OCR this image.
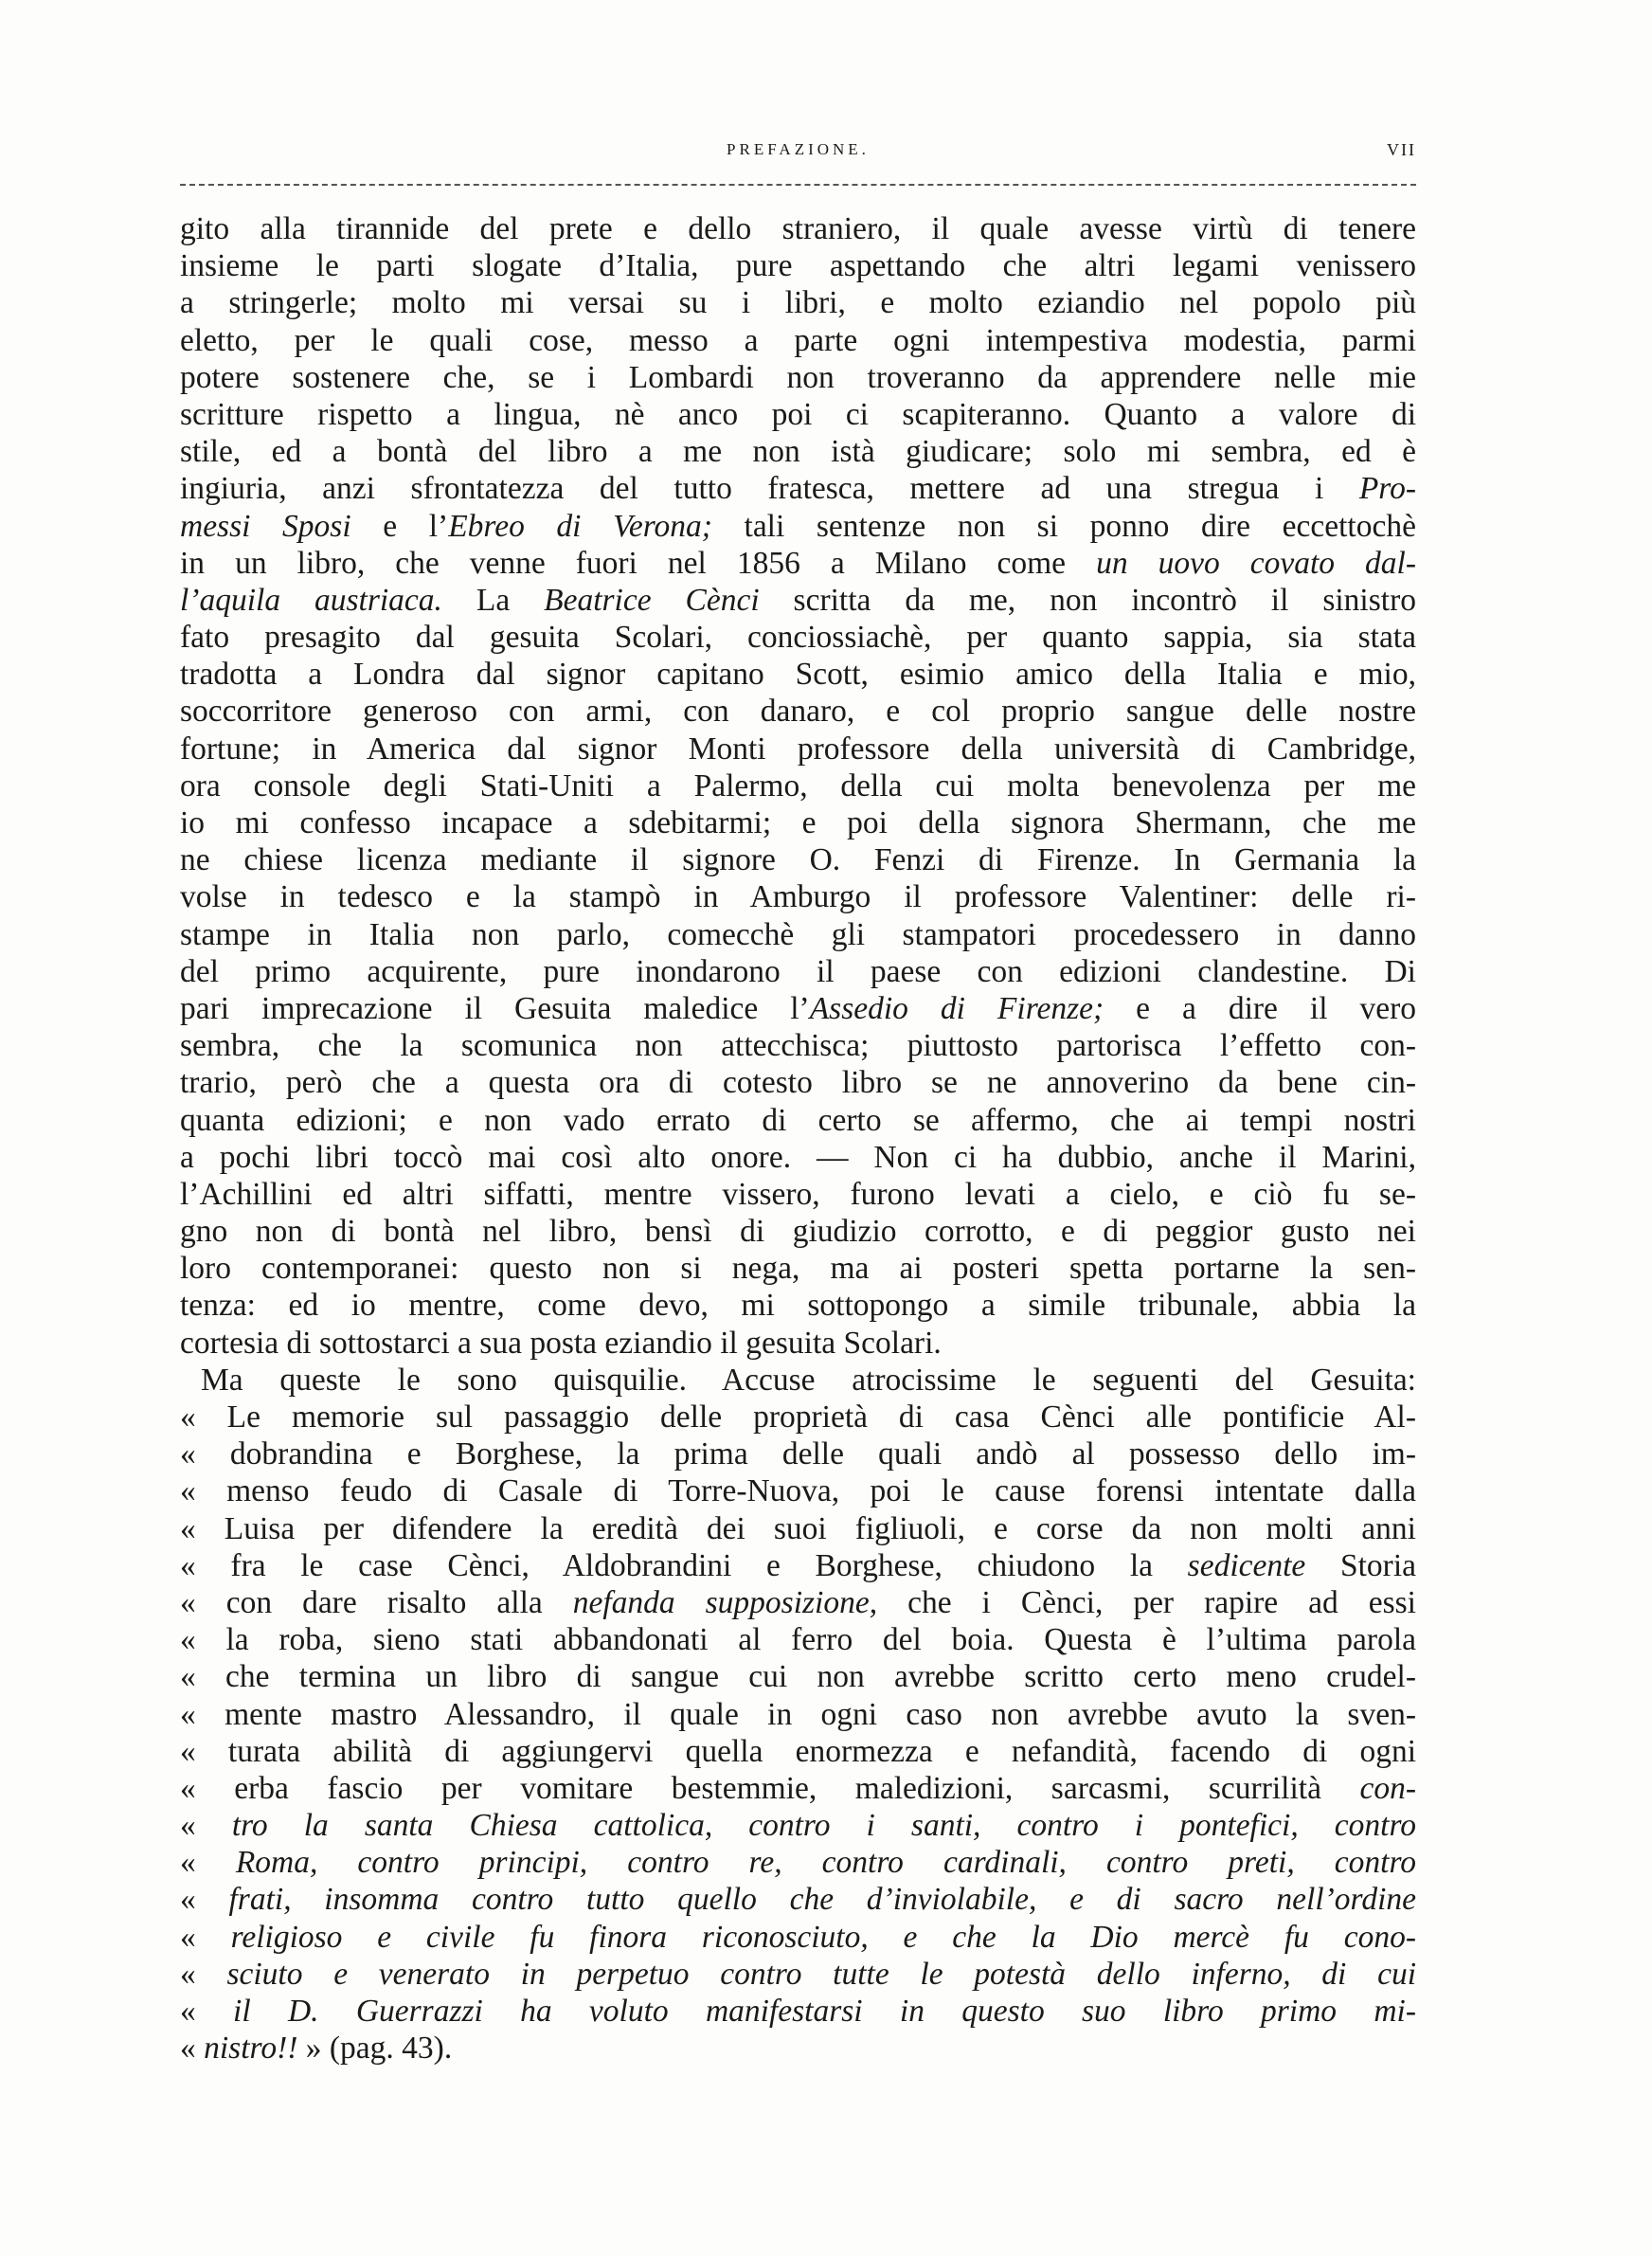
PREFAZIONE.	VII
gito alla tirannide del prete e dello straniero, il quale avesse virtù di tenere
insieme le parti slogate d’Italia, pure aspettando che altri legami venissero
a stringerle; molto mi versai su i libri, e molto eziandio nel popolo più
eletto, per le quali cose, messo a parte ogni intempestiva modestia, parmi
potere sostenere che, se i Lombardi non troveranno da apprendere nelle mie
scritture rispetto a lingua, nè anco poi ci scapiteranno. Quanto a valore di
stile, ed a bontà del libro a me non istà giudicare; solo mi sembra, ed è
ingiuria, anzi sfrontatezza del tutto fratesca, mettere ad una stregua i Pro-
messi Sposi e l’Ebreo di Verona; tali sentenze non si ponno dire eccettochè
in un libro, che venne fuori nel 1856 a Milano come un uovo covato dal-
l’aquila austriaca. La Beatrice Cènci scritta da me, non incontrò il sinistro
fato presagito dal gesuita Scolari, conciossiachè, per quanto sappia, sia stata
tradotta a Londra dal signor capitano Scott, esimio amico della Italia e mio,
soccorritore generoso con armi, con danaro, e col proprio sangue delle nostre
fortune; in America dal signor Monti professore della università di Cambridge,
ora console degli Stati-Uniti a Palermo, della cui molta benevolenza per me
io mi confesso incapace a sdebitarmi; e poi della signora Shermann, che me
ne chiese licenza mediante il signore O. Fenzi di Firenze. In Germania la
volse in tedesco e la stampò in Amburgo il professore Valentiner: delle ri-
stampe in Italia non parlo, comecchè gli stampatori procedessero in danno
del primo acquirente, pure inondarono il paese con edizioni clandestine. Di
pari imprecazione il Gesuita maledice l’Assedio di Firenze; e a dire il vero
sembra, che la scomunica non attecchisca; piuttosto partorisca l’effetto con-
trario, però che a questa ora di cotesto libro se ne annoverino da bene cin-
quanta edizioni; e non vado errato di certo se affermo, che ai tempi nostri
a pochi libri toccò mai così alto onore. — Non ci ha dubbio, anche il Marini,
l’Achillini ed altri siffatti, mentre vissero, furono levati a cielo, e ciò fu se-
gno non di bontà nel libro, bensì di giudizio corrotto, e di peggior gusto nei
loro contemporanei: questo non si nega, ma ai posteri spetta portarne la sen-
tenza: ed io mentre, come devo, mi sottopongo a simile tribunale, abbia la
cortesia di sottostarci a sua posta eziandio il gesuita Scolari.
Ma queste le sono quisquilie. Accuse atrocissime le seguenti del Gesuita:
« Le memorie sul passaggio delle proprietà di casa Cènci alle pontificie Al-
« dobrandina e Borghese, la prima delle quali andò al possesso dello im-
« menso feudo di Casale di Torre-Nuova, poi le cause forensi intentate dalla
« Luisa per difendere la eredità dei suoi figliuoli, e corse da non molti anni
« fra le case Cènci, Aldobrandini e Borghese, chiudono la sedicente Storia
« con dare risalto alla nefanda supposizione, che i Cènci, per rapire ad essi
« la roba, sieno stati abbandonati al ferro del boia. Questa è l’ultima parola
« che termina un libro di sangue cui non avrebbe scritto certo meno crudel-
« mente mastro Alessandro, il quale in ogni caso non avrebbe avuto la sven-
« turata abilità di aggiungervi quella enormezza e nefandità, facendo di ogni
« erba fascio per vomitare bestemmie, maledizioni, sarcasmi, scurrilità con-
« tro la santa Chiesa cattolica, contro i santi, contro i pontefici, contro
« Roma, contro principi, contro re, contro cardinali, contro preti, contro
« frati, insomma contro tutto quello che d’inviolabile, e di sacro nell’ordine
« religioso e civile fu finora riconosciuto, e che la Dio mercè fu cono-
« sciuto e venerato in perpetuo contro tutte le potestà dello inferno, di cui
« il D. Guerrazzi ha voluto manifestarsi in questo suo libro primo mi-
« nistro!! » (pag. 43).
